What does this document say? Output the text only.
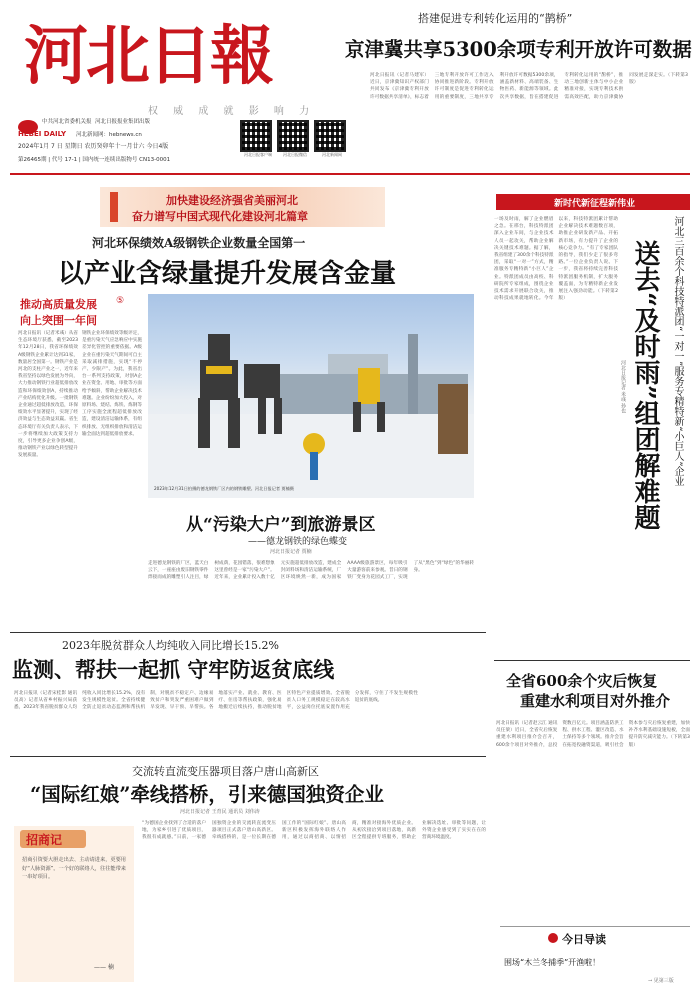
河北日報
权 威 成 就 影 响 力
中共河北省委机关报 河北日报报业集团出版
HEBEI DAILY 河北新闻网：hebnews.cn
2024年1月 7 日 星期日 农历癸卯年十一月廿六 今日4版
第26465期 | 代号 17-1 | 国内统一连续出版物号 CN13-0001
河北日报客户端	河北日报微信	河北新闻网
搭建促进专利转化运用的“鹊桥”
京津冀共享5300余项专利开放许可数据
河北日报讯（记者马建军）近日，京津冀知识产权部门共同发布《京津冀专利开放许可数据共享清单》，标志着三地专利开放许可工作迈入协同推进新阶段。专利开放许可制度是促进专利转化运用的重要制度，三地共享专利开放许可数据5300余项，涵盖新材料、高端装备、生物医药、新能源等领域。此次共享数据，旨在搭建促进专利转化运用的“鹊桥”，推动三地创新主体与中小企业精准对接，实现专利技术供需高效匹配，助力京津冀协同发展走深走实。（下转第3版）
加快建设经济强省美丽河北
奋力谱写中国式现代化建设河北篇章
河北环保绩效A级钢铁企业数量全国第一
以产业含绿量提升发展含金量
推动高质量发展
向上突围一年间
⑤
河北日报讯（记者米彧）从省生态环境厅获悉，截至2023年12月28日，我省环保绩效A级钢铁企业累计达到31家，数量居全国第一。钢铁产业是河北的支柱产业之一，近年来我省坚持以绿色发展为导向，大力推动钢铁行业超低排放改造和环保绩效创A，持续推动产业结构优化升级。一批钢铁企业通过超低排放改造，环保绩效水平显著提升，实现了经济效益与生态效益双赢。省生态环境厅有关负责人表示，下一步将继续加大政策支持力度，引导更多企业争创A级，推动钢铁产业以绿色转型提升发展质量。
钢铁企业环保绩效等级评定，是重污染天气应急响应中实施差异化管控的重要依据。A级企业在重污染天气期间可自主采取减排措施，实现“不停产、少限产”。为此，我省出台一系列支持政策，对创A企业在资金、用地、审批等方面给予倾斜，帮助企业解决技术难题。企业纷纷加大投入，对原料场、烧结、炼铁、炼钢等工序实施全流程超低排放改造，建设清洁运输体系，有组织排放、无组织排放和清洁运输全面达到超低排放要求。
2023年12月31日拍摄的德龙钢铁厂区内的钢铁雕塑。河北日报记者 贾楠摄
从“污染大户”到旅游景区
——德龙钢铁的绿色蝶变
河北日报记者 贾楠
走进德龙钢铁的厂区，蓝天白云下，一座座由废旧钢铁零件焊接而成的雕塑引人注目，绿树成荫，花园错落，很难想象这里曾经是一家“污染大户”。近年来，企业累计投入数十亿元实施超低排放改造，建成全封闭料场和清洁运输系统，厂区环境焕然一新，成为国家AAAA级旅游景区，每年吸引大量游客前来参观。昔日的钢铁厂变身为花园式工厂，实现了从“黑色”到“绿色”的华丽转身。
新时代新征程新伟业
一场及时雨，解了企业燃眉之急。在邢台，科技特派团深入企业车间，与企业技术人员一起攻关，帮助企业解决关键技术难题。据了解，我省组建了300余个科技特派团，采取“一对一”方式，精准服务专精特新“小巨人”企业。特派团成员由高校、科研院所专家组成，围绕企业技术需求开展联合攻关，推动科技成果就地转化。今年以来，科技特派团累计帮助企业解决技术难题数百项，助推企业研发新产品、开拓新市场，有力提升了企业的核心竞争力。“有了专家团队的指导，我们少走了很多弯路。”一位企业负责人说。下一步，我省将持续完善科技特派团服务机制，扩大服务覆盖面，为专精特新企业发展注入强劲动能。（下转第2版）	河北三百余个科技特派团“一对一”服务专精特新“小巨人”企业
送去“及时雨”组团解难题
河北日报记者 米彧 孙也
2023年脱贫群众人均纯收入同比增长15.2%
监测、帮扶一起抓 守牢防返贫底线
河北日报讯（记者宋桂影 通讯员高）记者从省乡村振兴局获悉，2023年我省脱贫群众人均纯收入同比增长15.2%，没有发生规模性返贫。全省持续健全防止返贫动态监测和帮扶机制，对脱贫不稳定户、边缘易致贫户和突发严重困难户做到早发现、早干预、早帮扶。各地落实产业、就业、教育、医疗、住房等帮扶政策，强化易地搬迁后续扶持，推动脱贫地区特色产业提质增效。全省脱贫人口务工规模稳定在较高水平，公益岗位托底安置作用充分发挥，守住了不发生规模性返贫的底线。
全省600余个灾后恢复
重建水利项目对外推介
河北日报讯（记者赵云江 通讯员任梁）近日，全省灾后恢复重建水利项目推介会召开，600余个项目对外推介，总投资数百亿元。项目涵盖防洪工程、供水工程、灌区改造、水土保持等多个领域。推介会旨在拓宽投融资渠道，吸引社会资本参与灾后恢复重建，加快补齐水利基础设施短板，全面提升防灾减灾能力。（下转第3版）
交流转直流变压器项目落户唐山高新区
“国际红娘”牵线搭桥，引来德国独资企业
河北日报记者 王育民 通讯员 刘伟涛
“为德国企业找到了合适的落户地，为家乡引进了优质项目，我很有成就感。”日前，一家德国独资企业的交流转直流变压器项目正式落户唐山高新区。牵线搭桥的，是一位长期在德国工作的“国际红娘”。唐山高新区积极发挥海外联络人作用，通过以商招商、以情招商，精准对接海外优质企业。从初次接洽到项目落地，高新区全程提供专班服务，帮助企业解决选址、审批等问题，让外资企业感受到了实实在在的营商环境温度。
招商记
招商引资要大胆走出去、主动请进来，更要用好“人脉资源”。一个好的联络人，往往能带来一串好项目。
—— 楠
今日导读
围场“木兰冬捕季”开渔啦！
→ 见第三版
